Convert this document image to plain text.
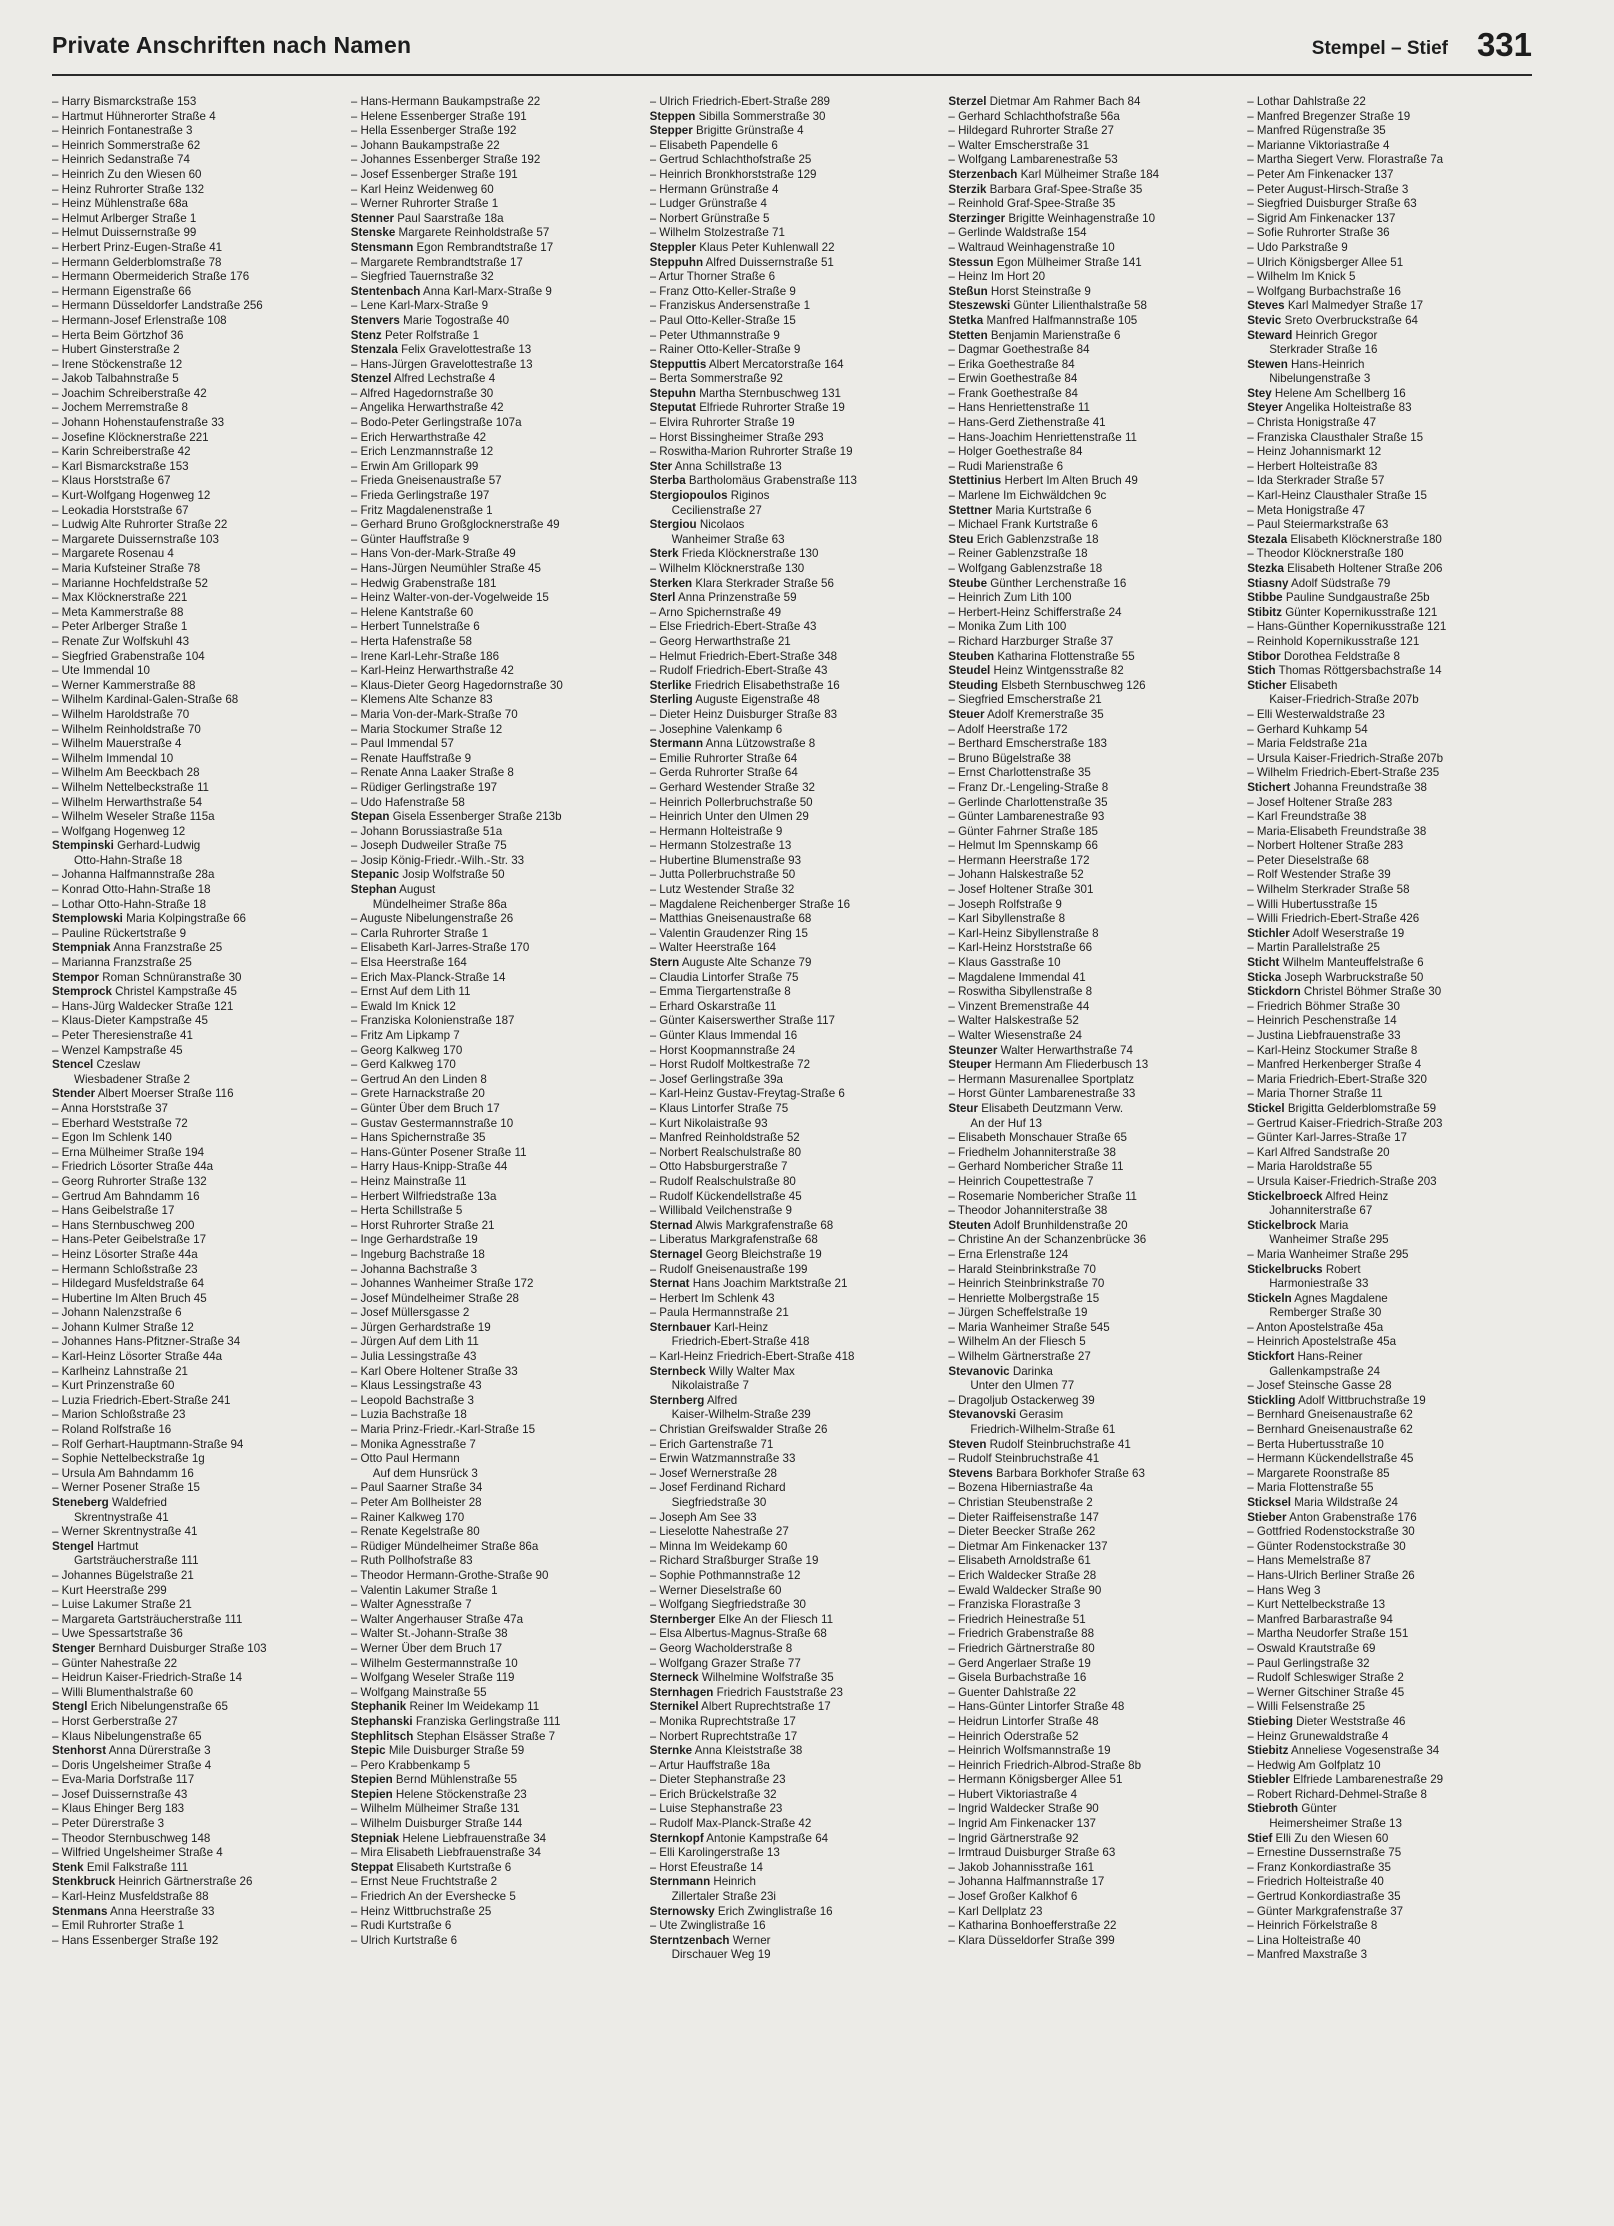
Private Anschriften nach Namen	Stempel – Stief 331
– Harry Bismarckstraße 153
– Hartmut Hühnerorter Straße 4
– Heinrich Fontanestraße 3
– Heinrich Sommerstraße 62
– Heinrich Sedanstraße 74
– Heinrich Zu den Wiesen 60
– Heinz Ruhrorter Straße 132
– Heinz Mühlenstraße 68a
– Helmut Arlberger Straße 1
– Helmut Duissernstraße 99
– Herbert Prinz-Eugen-Straße 41
– Hermann Gelderblomstraße 78
– Hermann Obermeiderich Straße 176
– Hermann Eigenstraße 66
– Hermann Düsseldorfer Landstraße 256
– Hermann-Josef Erlenstraße 108
– Herta Beim Görtzhof 36
– Hubert Ginsterstraße 2
– Irene Stöckenstraße 12
– Jakob Talbahnstraße 5
– Joachim Schreiberstraße 42
– Jochem Merremstraße 8
– Johann Hohenstaufenstraße 33
– Josefine Klöcknerstraße 221
– Karin Schreiberstraße 42
– Karl Bismarckstraße 153
– Klaus Horststraße 67
– Kurt-Wolfgang Hogenweg 12
– Leokadia Horststraße 67
– Ludwig Alte Ruhrorter Straße 22
– Margarete Duissernstraße 103
– Margarete Rosenau 4
– Maria Kufsteiner Straße 78
– Marianne Hochfeldstraße 52
– Max Klöcknerstraße 221
– Meta Kammerstraße 88
– Peter Arlberger Straße 1
– Renate Zur Wolfskuhl 43
– Siegfried Grabenstraße 104
– Ute Immendal 10
– Werner Kammerstraße 88
– Wilhelm Kardinal-Galen-Straße 68
– Wilhelm Haroldstraße 70
– Wilhelm Reinholdstraße 70
– Wilhelm Mauerstraße 4
– Wilhelm Immendal 10
– Wilhelm Am Beeckbach 28
– Wilhelm Nettelbeckstraße 11
– Wilhelm Herwarthstraße 54
– Wilhelm Weseler Straße 115a
– Wolfgang Hogenweg 12
Stempinski Gerhard-Ludwig
Otto-Hahn-Straße 18
– Johanna Halfmannstraße 28a
– Konrad Otto-Hahn-Straße 18
– Lothar Otto-Hahn-Straße 18
Stemplowski Maria Kolpingstraße 66
– Pauline Rückertstraße 9
Stempniak Anna Franzstraße 25
– Marianna Franzstraße 25
Stempor Roman Schnüranstraße 30
Stemprock Christel Kampstraße 45
– Hans-Jürg Waldecker Straße 121
– Klaus-Dieter Kampstraße 45
– Peter Theresienstraße 41
– Wenzel Kampstraße 45
Stencel Czeslaw
Wiesbadener Straße 2
Stender Albert Moerser Straße 116
– Anna Horststraße 37
– Eberhard Weststraße 72
– Egon Im Schlenk 140
– Erna Mülheimer Straße 194
– Friedrich Lösorter Straße 44a
– Georg Ruhrorter Straße 132
– Gertrud Am Bahndamm 16
– Hans Geibelstraße 17
– Hans Sternbuschweg 200
– Hans-Peter Geibelstraße 17
– Heinz Lösorter Straße 44a
– Hermann Schloßstraße 23
– Hildegard Musfeldstraße 64
– Hubertine Im Alten Bruch 45
– Johann Nalenzstraße 6
– Johann Kulmer Straße 12
– Johannes Hans-Pfitzner-Straße 34
– Karl-Heinz Lösorter Straße 44a
– Karlheinz Lahnstraße 21
– Kurt Prinzenstraße 60
– Luzia Friedrich-Ebert-Straße 241
– Marion Schloßstraße 23
– Roland Rolfstraße 16
– Rolf Gerhart-Hauptmann-Straße 94
– Sophie Nettelbeckstraße 1g
– Ursula Am Bahndamm 16
– Werner Posener Straße 15
Steneberg Waldefried
Skrentnystraße 41
– Werner Skrentnystraße 41
Stengel Hartmut
Gartsträucherstraße 111
– Johannes Bügelstraße 21
– Kurt Heerstraße 299
– Luise Lakumer Straße 21
– Margareta Gartsträucherstraße 111
– Uwe Spessartstraße 36
Stenger Bernhard Duisburger Straße 103
– Günter Nahestraße 22
– Heidrun Kaiser-Friedrich-Straße 14
– Willi Blumenthalstraße 60
Stengl Erich Nibelungenstraße 65
– Horst Gerberstraße 27
– Klaus Nibelungenstraße 65
Stenhorst Anna Dürerstraße 3
– Doris Ungelsheimer Straße 4
– Eva-Maria Dorfstraße 117
– Josef Duissernstraße 43
– Klaus Ehinger Berg 183
– Peter Dürerstraße 3
– Theodor Sternbuschweg 148
– Wilfried Ungelsheimer Straße 4
Stenk Emil Falkstraße 111
Stenkbruck Heinrich Gärtnerstraße 26
– Karl-Heinz Musfeldstraße 88
Stenmans Anna Heerstraße 33
– Emil Ruhrorter Straße 1
– Hans Essenberger Straße 192
– Hans-Hermann Baukampstraße 22
– Helene Essenberger Straße 191
– Hella Essenberger Straße 192
– Johann Baukampstraße 22
– Johannes Essenberger Straße 192
– Josef Essenberger Straße 191
– Karl Heinz Weidenweg 60
– Werner Ruhrorter Straße 1
Stenner Paul Saarstraße 18a
Stenske Margarete Reinholdstraße 57
Stensmann Egon Rembrandtstraße 17
– Margarete Rembrandtstraße 17
– Siegfried Tauernstraße 32
Stentenbach Anna Karl-Marx-Straße 9
– Lene Karl-Marx-Straße 9
Stenvers Marie Togostraße 40
Stenz Peter Rolfstraße 1
Stenzala Felix Gravelottestraße 13
– Hans-Jürgen Gravelottestraße 13
Stenzel Alfred Lechstraße 4
– Alfred Hagedornstraße 30
– Angelika Herwarthstraße 42
– Bodo-Peter Gerlingstraße 107a
– Erich Herwarthstraße 42
– Erich Lenzmannstraße 12
– Erwin Am Grillopark 99
– Frieda Gneisenaustraße 57
– Frieda Gerlingstraße 197
– Fritz Magdalenenstraße 1
– Gerhard Bruno Großglocknerstraße 49
– Günter Hauffstraße 9
– Hans Von-der-Mark-Straße 49
– Hans-Jürgen Neumühler Straße 45
– Hedwig Grabenstraße 181
– Heinz Walter-von-der-Vogelweide 15
– Helene Kantstraße 60
– Herbert Tunnelstraße 6
– Herta Hafenstraße 58
– Irene Karl-Lehr-Straße 186
– Karl-Heinz Herwarthstraße 42
– Klaus-Dieter Georg Hagedornstraße 30
– Klemens Alte Schanze 83
– Maria Von-der-Mark-Straße 70
– Maria Stockumer Straße 12
– Paul Immendal 57
– Renate Hauffstraße 9
– Renate Anna Laaker Straße 8
– Rüdiger Gerlingstraße 197
– Udo Hafenstraße 58
Stepan Gisela Essenberger Straße 213b
– Johann Borussiastraße 51a
– Joseph Dudweiler Straße 75
– Josip König-Friedr.-Wilh.-Str. 33
Stepanic Josip Wolfstraße 50
Stephan August
Mündelheimer Straße 86a
– Auguste Nibelungenstraße 26
– Carla Ruhrorter Straße 1
– Elisabeth Karl-Jarres-Straße 170
– Elsa Heerstraße 164
– Erich Max-Planck-Straße 14
– Ernst Auf dem Lith 11
– Ewald Im Knick 12
– Franziska Kolonienstraße 187
– Fritz Am Lipkamp 7
– Georg Kalkweg 170
– Gerd Kalkweg 170
– Gertrud An den Linden 8
– Grete Harnackstraße 20
– Günter Über dem Bruch 17
– Gustav Gestermannstraße 10
– Hans Spichernstraße 35
– Hans-Günter Posener Straße 11
– Harry Haus-Knipp-Straße 44
– Heinz Mainstraße 11
– Herbert Wilfriedstraße 13a
– Herta Schillstraße 5
– Horst Ruhrorter Straße 21
– Inge Gerhardstraße 19
– Ingeburg Bachstraße 18
– Johanna Bachstraße 3
– Johannes Wanheimer Straße 172
– Josef Mündelheimer Straße 28
– Josef Müllersgasse 2
– Jürgen Gerhardstraße 19
– Jürgen Auf dem Lith 11
– Julia Lessingstraße 43
– Karl Obere Holtener Straße 33
– Klaus Lessingstraße 43
– Leopold Bachstraße 3
– Luzia Bachstraße 18
– Maria Prinz-Friedr.-Karl-Straße 15
– Monika Agnesstraße 7
– Otto Paul Hermann
Auf dem Hunsrück 3
– Paul Saarner Straße 34
– Peter Am Bollheister 28
– Rainer Kalkweg 170
– Renate Kegelstraße 80
– Rüdiger Mündelheimer Straße 86a
– Ruth Pollhofstraße 83
– Theodor Hermann-Grothe-Straße 90
– Valentin Lakumer Straße 1
– Walter Agnesstraße 7
– Walter Angerhauser Straße 47a
– Walter St.-Johann-Straße 38
– Werner Über dem Bruch 17
– Wilhelm Gestermannstraße 10
– Wolfgang Weseler Straße 119
– Wolfgang Mainstraße 55
Stephanik Reiner Im Weidekamp 11
Stephanski Franziska Gerlingstraße 111
Stephlitsch Stephan Elsässer Straße 7
Stepic Mile Duisburger Straße 59
– Pero Krabbenkamp 5
Stepien Bernd Mühlenstraße 55
Stepien Helene Stöckenstraße 23
– Wilhelm Mülheimer Straße 131
– Wilhelm Duisburger Straße 144
Stepniak Helene Liebfrauenstraße 34
– Mira Elisabeth Liebfrauenstraße 34
Steppat Elisabeth Kurtstraße 6
– Ernst Neue Fruchtstraße 2
– Friedrich An der Evershecke 5
– Heinz Wittbruchstraße 25
– Rudi Kurtstraße 6
– Ulrich Kurtstraße 6
– Ulrich Friedrich-Ebert-Straße 289
Steppen Sibilla Sommerstraße 30
Stepper Brigitte Grünstraße 4
– Elisabeth Papendelle 6
– Gertrud Schlachthofstraße 25
– Heinrich Bronkhorststraße 129
– Hermann Grünstraße 4
– Ludger Grünstraße 4
– Norbert Grünstraße 5
– Wilhelm Stolzestraße 71
Steppler Klaus Peter Kuhlenwall 22
Steppuhn Alfred Duissernstraße 51
– Artur Thorner Straße 6
– Franz Otto-Keller-Straße 9
– Franziskus Andersenstraße 1
– Paul Otto-Keller-Straße 15
– Peter Uthmannstraße 9
– Rainer Otto-Keller-Straße 9
Stepputtis Albert Mercatorstraße 164
– Berta Sommerstraße 92
Stepuhn Martha Sternbuschweg 131
Steputat Elfriede Ruhrorter Straße 19
– Elvira Ruhrorter Straße 19
– Horst Bissingheimer Straße 293
– Roswitha-Marion Ruhrorter Straße 19
Ster Anna Schillstraße 13
Sterba Bartholomäus Grabenstraße 113
Stergiopoulos Riginos
Cecilienstraße 27
Stergiou Nicolaos
Wanheimer Straße 63
Sterk Frieda Klöcknerstraße 130
– Wilhelm Klöcknerstraße 130
Sterken Klara Sterkrader Straße 56
Sterl Anna Prinzenstraße 59
– Arno Spichernstraße 49
– Else Friedrich-Ebert-Straße 43
– Georg Herwarthstraße 21
– Helmut Friedrich-Ebert-Straße 348
– Rudolf Friedrich-Ebert-Straße 43
Sterlike Friedrich Elisabethstraße 16
Sterling Auguste Eigenstraße 48
– Dieter Heinz Duisburger Straße 83
– Josephine Valenkamp 6
Stermann Anna Lützowstraße 8
– Emilie Ruhrorter Straße 64
– Gerda Ruhrorter Straße 64
– Gerhard Westender Straße 32
– Heinrich Pollerbruchstraße 50
– Heinrich Unter den Ulmen 29
– Hermann Holteistraße 9
– Hermann Stolzestraße 13
– Hubertine Blumenstraße 93
– Jutta Pollerbruchstraße 50
– Lutz Westender Straße 32
– Magdalene Reichenberger Straße 16
– Matthias Gneisenaustraße 68
– Valentin Graudenzer Ring 15
– Walter Heerstraße 164
Stern Auguste Alte Schanze 79
– Claudia Lintorfer Straße 75
– Emma Tiergartenstraße 8
– Erhard Oskarstraße 11
– Günter Kaiserswerther Straße 117
– Günter Klaus Immendal 16
– Horst Koopmannstraße 24
– Horst Rudolf Moltkestraße 72
– Josef Gerlingstraße 39a
– Karl-Heinz Gustav-Freytag-Straße 6
– Klaus Lintorfer Straße 75
– Kurt Nikolaistraße 93
– Manfred Reinholdstraße 52
– Norbert Realschulstraße 80
– Otto Habsburgerstraße 7
– Rudolf Realschulstraße 80
– Rudolf Kückendellstraße 45
– Willibald Veilchenstraße 9
Sternad Alwis Markgrafenstraße 68
– Liberatus Markgrafenstraße 68
Sternagel Georg Bleichstraße 19
– Rudolf Gneisenaustraße 199
Sternat Hans Joachim Marktstraße 21
– Herbert Im Schlenk 43
– Paula Hermannstraße 21
Sternbauer Karl-Heinz
Friedrich-Ebert-Straße 418
– Karl-Heinz Friedrich-Ebert-Straße 418
Sternbeck Willy Walter Max
Nikolaistraße 7
Sternberg Alfred
Kaiser-Wilhelm-Straße 239
– Christian Greifswalder Straße 26
– Erich Gartenstraße 71
– Erwin Watzmannstraße 33
– Josef Wernerstraße 28
– Josef Ferdinand Richard
Siegfriedstraße 30
– Joseph Am See 33
– Lieselotte Nahestraße 27
– Minna Im Weidekamp 60
– Richard Straßburger Straße 19
– Sophie Pothmannstraße 12
– Werner Dieselstraße 60
– Wolfgang Siegfriedstraße 30
Sternberger Elke An der Fliesch 11
– Elsa Albertus-Magnus-Straße 68
– Georg Wacholderstraße 8
– Wolfgang Grazer Straße 77
Sterneck Wilhelmine Wolfstraße 35
Sternhagen Friedrich Fauststraße 23
Sternikel Albert Ruprechtstraße 17
– Monika Ruprechtstraße 17
– Norbert Ruprechtstraße 17
Sternke Anna Kleiststraße 38
– Artur Hauffstraße 18a
– Dieter Stephanstraße 23
– Erich Brückelstraße 32
– Luise Stephanstraße 23
– Rudolf Max-Planck-Straße 42
Sternkopf Antonie Kampstraße 64
– Elli Karolingerstraße 13
– Horst Efeustraße 14
Sternmann Heinrich
Zillertaler Straße 23i
Sternowsky Erich Zwinglistraße 16
– Ute Zwinglistraße 16
Sterntzenbach Werner
Dirschauer Weg 19
Sterzel Dietmar Am Rahmer Bach 84
– Gerhard Schlachthofstraße 56a
– Hildegard Ruhrorter Straße 27
– Walter Emscherstraße 31
– Wolfgang Lambarenestraße 53
Sterzenbach Karl Mülheimer Straße 184
Sterzik Barbara Graf-Spee-Straße 35
– Reinhold Graf-Spee-Straße 35
Sterzinger Brigitte Weinhagenstraße 10
– Gerlinde Waldstraße 154
– Waltraud Weinhagenstraße 10
Stessun Egon Mülheimer Straße 141
– Heinz Im Hort 20
Steßun Horst Steinstraße 9
Steszewski Günter Lilienthalstraße 58
Stetka Manfred Halfmannstraße 105
Stetten Benjamin Marienstraße 6
– Dagmar Goethestraße 84
– Erika Goethestraße 84
– Erwin Goethestraße 84
– Frank Goethestraße 84
– Hans Henriettenstraße 11
– Hans-Gerd Ziethenstraße 41
– Hans-Joachim Henriettenstraße 11
– Holger Goethestraße 84
– Rudi Marienstraße 6
Stettinius Herbert Im Alten Bruch 49
– Marlene Im Eichwäldchen 9c
Stettner Maria Kurtstraße 6
– Michael Frank Kurtstraße 6
Steu Erich Gablenzstraße 18
– Reiner Gablenzstraße 18
– Wolfgang Gablenzstraße 18
Steube Günther Lerchenstraße 16
– Heinrich Zum Lith 100
– Herbert-Heinz Schifferstraße 24
– Monika Zum Lith 100
– Richard Harzburger Straße 37
Steuben Katharina Flottenstraße 55
Steudel Heinz Wintgensstraße 82
Steuding Elsbeth Sternbuschweg 126
– Siegfried Emscherstraße 21
Steuer Adolf Kremerstraße 35
– Adolf Heerstraße 172
– Berthard Emscherstraße 183
– Bruno Bügelstraße 38
– Ernst Charlottenstraße 35
– Franz Dr.-Lengeling-Straße 8
– Gerlinde Charlottenstraße 35
– Günter Lambarenestraße 93
– Günter Fahrner Straße 185
– Helmut Im Spennskamp 66
– Hermann Heerstraße 172
– Johann Halskestraße 52
– Josef Holtener Straße 301
– Joseph Rolfstraße 9
– Karl Sibyllenstraße 8
– Karl-Heinz Sibyllenstraße 8
– Karl-Heinz Horststraße 66
– Klaus Gasstraße 10
– Magdalene Immendal 41
– Roswitha Sibyllenstraße 8
– Vinzent Bremenstraße 44
– Walter Halskestraße 52
– Walter Wiesenstraße 24
Steunzer Walter Herwarthstraße 74
Steuper Hermann Am Fliederbusch 13
– Hermann Masurenallee Sportplatz
– Horst Günter Lambarenestraße 33
Steur Elisabeth Deutzmann Verw.
An der Huf 13
– Elisabeth Monschauer Straße 65
– Friedhelm Johanniterstraße 38
– Gerhard Nombericher Straße 11
– Heinrich Coupettestraße 7
– Rosemarie Nombericher Straße 11
– Theodor Johanniterstraße 38
Steuten Adolf Brunhildenstraße 20
– Christine An der Schanzenbrücke 36
– Erna Erlenstraße 124
– Harald Steinbrinkstraße 70
– Heinrich Steinbrinkstraße 70
– Henriette Molbergstraße 15
– Jürgen Scheffelstraße 19
– Maria Wanheimer Straße 545
– Wilhelm An der Fliesch 5
– Wilhelm Gärtnerstraße 27
Stevanovic Darinka
Unter den Ulmen 77
– Dragoljub Ostackerweg 39
Stevanovski Gerasim
Friedrich-Wilhelm-Straße 61
Steven Rudolf Steinbruchstraße 41
– Rudolf Steinbruchstraße 41
Stevens Barbara Borkhofer Straße 63
– Bozena Hiberniastraße 4a
– Christian Steubenstraße 2
– Dieter Raiffeisenstraße 147
– Dieter Beecker Straße 262
– Dietmar Am Finkenacker 137
– Elisabeth Arnoldstraße 61
– Erich Waldecker Straße 28
– Ewald Waldecker Straße 90
– Franziska Florastraße 3
– Friedrich Heinestraße 51
– Friedrich Grabenstraße 88
– Friedrich Gärtnerstraße 80
– Gerd Angerlaer Straße 19
– Gisela Burbachstraße 16
– Guenter Dahlstraße 22
– Hans-Günter Lintorfer Straße 48
– Heidrun Lintorfer Straße 48
– Heinrich Oderstraße 52
– Heinrich Wolfsmannstraße 19
– Heinrich Friedrich-Albrod-Straße 8b
– Hermann Königsberger Allee 51
– Hubert Viktoriastraße 4
– Ingrid Waldecker Straße 90
– Ingrid Am Finkenacker 137
– Ingrid Gärtnerstraße 92
– Irmtraud Duisburger Straße 63
– Jakob Johannisstraße 161
– Johanna Halfmannstraße 17
– Josef Großer Kalkhof 6
– Karl Dellplatz 23
– Katharina Bonhoefferstraße 22
– Klara Düsseldorfer Straße 399
– Lothar Dahlstraße 22
– Manfred Bregenzer Straße 19
– Manfred Rügenstraße 35
– Marianne Viktoriastraße 4
– Martha Siegert Verw. Florastraße 7a
– Peter Am Finkenacker 137
– Peter August-Hirsch-Straße 3
– Siegfried Duisburger Straße 63
– Sigrid Am Finkenacker 137
– Sofie Ruhrorter Straße 36
– Udo Parkstraße 9
– Ulrich Königsberger Allee 51
– Wilhelm Im Knick 5
– Wolfgang Burbachstraße 16
Steves Karl Malmedyer Straße 17
Stevic Sreto Overbruckstraße 64
Steward Heinrich Gregor
Sterkrader Straße 16
Stewen Hans-Heinrich
Nibelungenstraße 3
Stey Helene Am Schellberg 16
Steyer Angelika Holteistraße 83
– Christa Honigstraße 47
– Franziska Clausthaler Straße 15
– Heinz Johannismarkt 12
– Herbert Holteistraße 83
– Ida Sterkrader Straße 57
– Karl-Heinz Clausthaler Straße 15
– Meta Honigstraße 47
– Paul Steiermarkstraße 63
Stezala Elisabeth Klöcknerstraße 180
– Theodor Klöcknerstraße 180
Stezka Elisabeth Holtener Straße 206
Stiasny Adolf Südstraße 79
Stibbe Pauline Sundgaustraße 25b
Stibitz Günter Kopernikusstraße 121
– Hans-Günther Kopernikusstraße 121
– Reinhold Kopernikusstraße 121
Stibor Dorothea Feldstraße 8
Stich Thomas Röttgersbachstraße 14
Sticher Elisabeth
Kaiser-Friedrich-Straße 207b
– Elli Westerwaldstraße 23
– Gerhard Kuhkamp 54
– Maria Feldstraße 21a
– Ursula Kaiser-Friedrich-Straße 207b
– Wilhelm Friedrich-Ebert-Straße 235
Stichert Johanna Freundstraße 38
– Josef Holtener Straße 283
– Karl Freundstraße 38
– Maria-Elisabeth Freundstraße 38
– Norbert Holtener Straße 283
– Peter Dieselstraße 68
– Rolf Westender Straße 39
– Wilhelm Sterkrader Straße 58
– Willi Hubertusstraße 15
– Willi Friedrich-Ebert-Straße 426
Stichler Adolf Weserstraße 19
– Martin Parallelstraße 25
Sticht Wilhelm Manteuffelstraße 6
Sticka Joseph Warbruckstraße 50
Stickdorn Christel Böhmer Straße 30
– Friedrich Böhmer Straße 30
– Heinrich Peschenstraße 14
– Justina Liebfrauenstraße 33
– Karl-Heinz Stockumer Straße 8
– Manfred Herkenberger Straße 4
– Maria Friedrich-Ebert-Straße 320
– Maria Thorner Straße 11
Stickel Brigitta Gelderblomstraße 59
– Gertrud Kaiser-Friedrich-Straße 203
– Günter Karl-Jarres-Straße 17
– Karl Alfred Sandstraße 20
– Maria Haroldstraße 55
– Ursula Kaiser-Friedrich-Straße 203
Stickelbroeck Alfred Heinz
Johanniterstraße 67
Stickelbrock Maria
Wanheimer Straße 295
– Maria Wanheimer Straße 295
Stickelbrucks Robert
Harmoniestraße 33
Stickeln Agnes Magdalene
Remberger Straße 30
– Anton Apostelstraße 45a
– Heinrich Apostelstraße 45a
Stickfort Hans-Reiner
Gallenkampstraße 24
– Josef Steinsche Gasse 28
Stickling Adolf Wittbruchstraße 19
– Bernhard Gneisenaustraße 62
– Bernhard Gneisenaustraße 62
– Berta Hubertusstraße 10
– Hermann Kückendellstraße 45
– Margarete Roonstraße 85
– Maria Flottenstraße 55
Sticksel Maria Wildstraße 24
Stieber Anton Grabenstraße 176
– Gottfried Rodenstockstraße 30
– Günter Rodenstockstraße 30
– Hans Memelstraße 87
– Hans-Ulrich Berliner Straße 26
– Hans Weg 3
– Kurt Nettelbeckstraße 13
– Manfred Barbarastraße 94
– Martha Neudorfer Straße 151
– Oswald Krautstraße 69
– Paul Gerlingstraße 32
– Rudolf Schleswiger Straße 2
– Werner Gitschiner Straße 45
– Willi Felsenstraße 25
Stiebing Dieter Weststraße 46
– Heinz Grunewaldstraße 4
Stiebitz Anneliese Vogesenstraße 34
– Hedwig Am Golfplatz 10
Stiebler Elfriede Lambarenestraße 29
– Robert Richard-Dehmel-Straße 8
Stiebroth Günter
Heimersheimer Straße 13
Stief Elli Zu den Wiesen 60
– Ernestine Dussernstraße 75
– Franz Konkordiastraße 35
– Friedrich Holteistraße 40
– Gertrud Konkordiastraße 35
– Günter Markgrafenstraße 37
– Heinrich Förkelstraße 8
– Lina Holteistraße 40
– Manfred Maxstraße 3
